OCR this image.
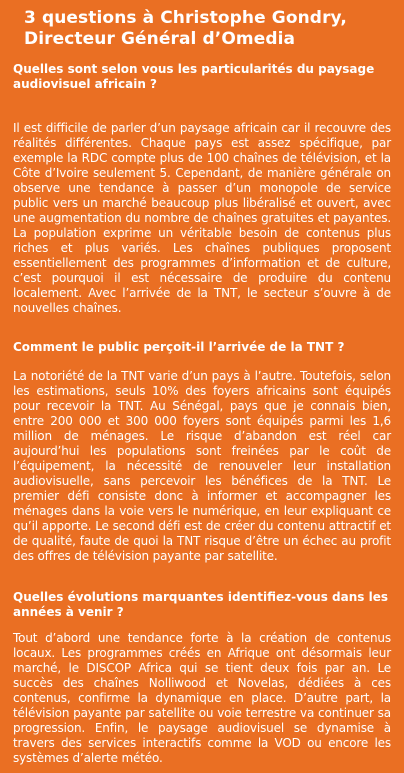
3 questions à Christophe Gondry,
Directeur Général d’Omedia

Quelles sont selon vous les particularités du paysage audiovisuel africain ?

Il est difficile de parler d’un paysage africain car il recouvre des réalités différentes. Chaque pays est assez spécifique, par exemple la RDC compte plus de 100 chaînes de télévision, et la Côte d’Ivoire seulement 5. Cependant, de manière générale on observe une tendance à passer d’un monopole de service public vers un marché beaucoup plus libéralisé et ouvert, avec une augmentation du nombre de chaînes gratuites et payantes. La population exprime un véritable besoin de contenus plus riches et plus variés. Les chaînes publiques proposent essentiellement des programmes d’information et de culture, c’est pourquoi il est nécessaire de produire du contenu localement. Avec l’arrivée de la TNT, le secteur s’ouvre à de nouvelles chaînes.

Comment le public perçoit-il l’arrivée de la TNT ?

La notoriété de la TNT varie d’un pays à l’autre. Toutefois, selon les estimations, seuls 10% des foyers africains sont équipés pour recevoir la TNT. Au Sénégal, pays que je connais bien, entre 200 000 et 300 000 foyers sont équipés parmi les 1,6 million de ménages. Le risque d’abandon est réel car aujourd’hui les populations sont freinées par le coût de l’équipement, la nécessité de renouveler leur installation audiovisuelle, sans percevoir les bénéfices de la TNT. Le premier défi consiste donc à informer et accompagner les ménages dans la voie vers le numérique, en leur expliquant ce qu’il apporte. Le second défi est de créer du contenu attractif et de qualité, faute de quoi la TNT risque d’être un échec au profit des offres de télévision payante par satellite.

Quelles évolutions marquantes identifiez-vous dans les années à venir ?

Tout d’abord une tendance forte à la création de contenus locaux. Les programmes créés en Afrique ont désormais leur marché, le DISCOP Africa qui se tient deux fois par an. Le succès des chaînes Nolliwood et Novelas, dédiées à ces contenus, confirme la dynamique en place. D’autre part, la télévision payante par satellite ou voie terrestre va continuer sa progression. Enfin, le paysage audiovisuel se dynamise à travers des services interactifs comme la VOD ou encore les systèmes d’alerte météo.
